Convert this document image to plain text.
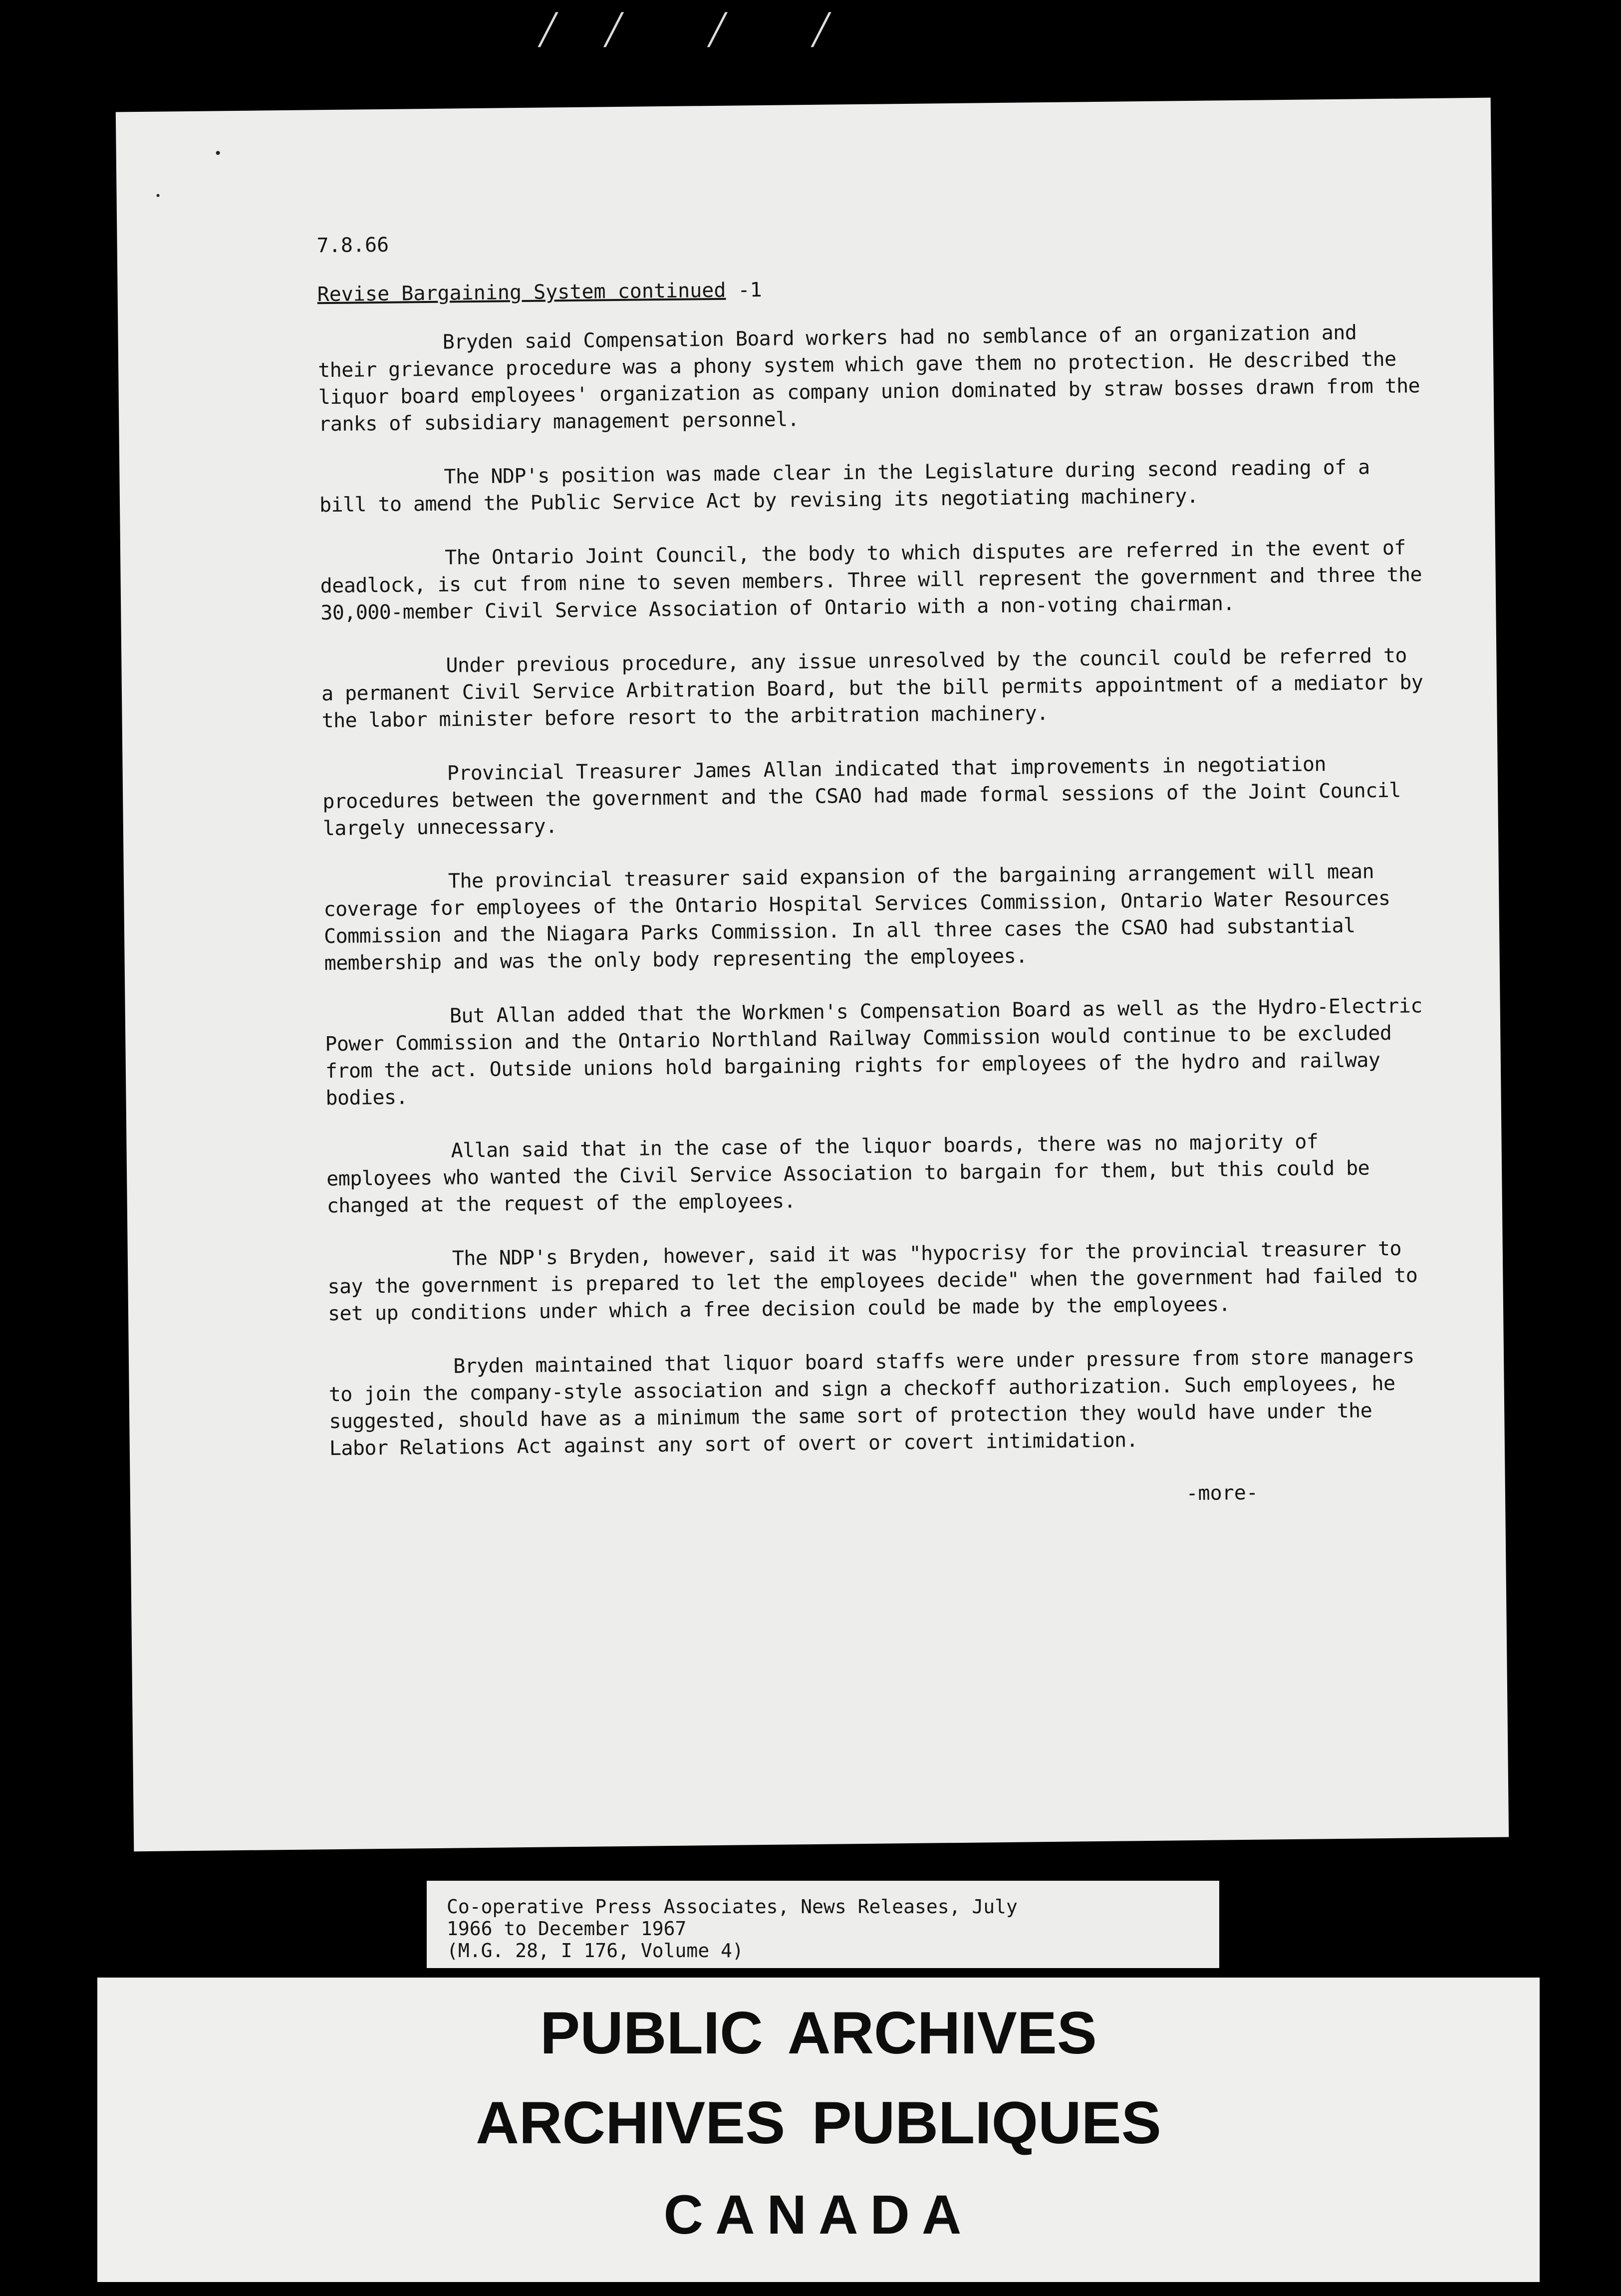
╱     ╱         ╱         ╱
7.8.66
Revise Bargaining System continued -1

Bryden said Compensation Board workers had no semblance of an organization and their grievance procedure was a phony system which gave them no protection. He described the liquor board employees' organization as company union dominated by straw bosses drawn from the ranks of subsidiary management personnel.

The NDP's position was made clear in the Legislature during second reading of a bill to amend the Public Service Act by revising its negotiating machinery.

The Ontario Joint Council, the body to which disputes are referred in the event of deadlock, is cut from nine to seven members. Three will represent the government and three the 30,000-member Civil Service Association of Ontario with a non-voting chairman.

Under previous procedure, any issue unresolved by the council could be referred to a permanent Civil Service Arbitration Board, but the bill permits appointment of a mediator by the labor minister before resort to the arbitration machinery.

Provincial Treasurer James Allan indicated that improvements in negotiation procedures between the government and the CSAO had made formal sessions of the Joint Council largely unnecessary.

The provincial treasurer said expansion of the bargaining arrangement will mean coverage for employees of the Ontario Hospital Services Commission, Ontario Water Resources Commission and the Niagara Parks Commission. In all three cases the CSAO had substantial membership and was the only body representing the employees.

But Allan added that the Workmen's Compensation Board as well as the Hydro-Electric Power Commission and the Ontario Northland Railway Commission would continue to be excluded from the act. Outside unions hold bargaining rights for employees of the hydro and railway bodies.

Allan said that in the case of the liquor boards, there was no majority of employees who wanted the Civil Service Association to bargain for them, but this could be changed at the request of the employees.

The NDP's Bryden, however, said it was "hypocrisy for the provincial treasurer to say the government is prepared to let the employees decide" when the government had failed to set up conditions under which a free decision could be made by the employees.

Bryden maintained that liquor board staffs were under pressure from store managers to join the company-style association and sign a checkoff authorization. Such employees, he suggested, should have as a minimum the same sort of protection they would have under the Labor Relations Act against any sort of overt or covert intimidation.

-more-
Co-operative Press Associates, News Releases, July
1966 to December 1967
(M.G. 28, I 176, Volume 4)
PUBLIC ARCHIVES
ARCHIVES PUBLIQUES
CANADA
